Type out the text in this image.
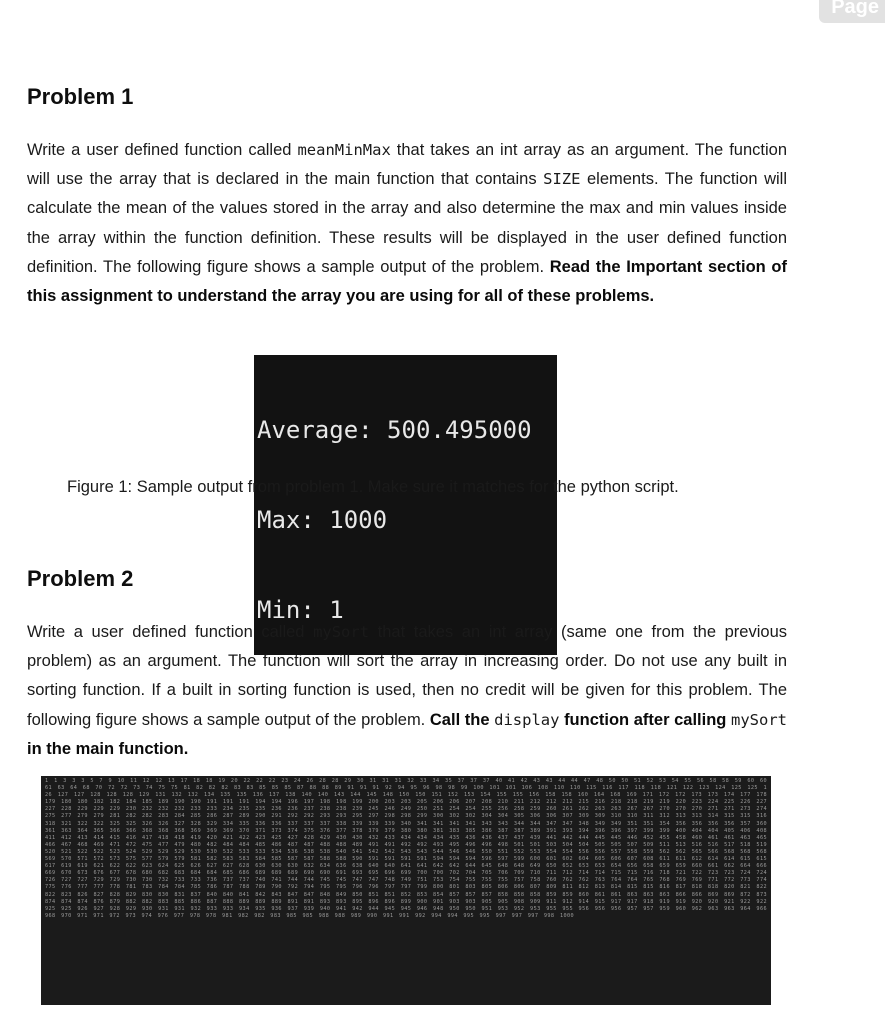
Page
Problem 1

Write a user defined function called meanMinMax that takes an int array as an argument. The function will use the array that is declared in the main function that contains SIZE elements. The function will calculate the mean of the values stored in the array and also determine the max and min values inside the array within the function definition. These results will be displayed in the user defined function definition. The following figure shows a sample output of the problem. Read the Important section of this assignment to understand the array you are using for all of these problems.

Average: 500.495000

Max: 1000

Min: 1

Figure 1: Sample output from problem 1. Make sure it matches for the python script.

Problem 2

Write a user defined function called mySort that takes an int array (same one from the previous problem) as an argument. The function will sort the array in increasing order. Do not use any built in sorting function. If a built in sorting function is used, then no credit will be given for this problem. The following figure shows a sample output of the problem. Call the display function after calling mySort in the main function.

1 1 3 3 3 5 7 9 10 11 12 12 13 17 18 18 19 20 22 22 22 23 24 26 28 28 29 30 31 31 31 32 33 34 35 37 37 37 40 41 42 43 43 44 44 47 48 50 50 51 52 53 54 55 56 58 58 59 60 60 61 63 64 68 70 72 72 73 74 75 75 81 82 82 82 83 83 85 85 85 87 88 88 89 91 91 91 92 94 95 96 98 98 99 100 101 101 106 108 110 110 115 116 117 118 118 121 122 123 124 125 125 126 127 127 128 128 128 129 131 132 132 134 135 135 136 137 138 140 140 143 144 145 148 150 150 151 152 153 154 155 155 156 158 158 160 164 168 169 171 172 172 173 173 174 177 178 179 180 180 182 182 184 185 189 190 190 191 191 191 194 194 196 197 198 198 199 200 203 203 205 206 206 207 208 210 211 212 212 212 215 216 218 218 219 219 220 223 224 225 226 227 227 228 229 229 229 230 232 232 232 233 233 234 235 235 236 236 237 238 238 239 245 246 249 250 251 254 254 255 256 258 259 260 261 262 263 263 267 267 270 270 270 271 271 273 274 275 277 279 279 281 282 282 283 284 285 286 287 289 290 291 292 292 293 293 295 297 298 298 299 300 302 302 304 304 305 306 306 307 309 309 310 310 311 312 313 313 314 315 315 316 318 321 322 322 325 325 326 326 327 328 329 334 335 336 336 337 337 337 338 339 339 339 340 341 341 341 341 343 343 344 344 347 347 348 349 349 351 351 354 356 356 356 356 357 360 361 363 364 365 366 366 368 368 368 369 369 369 370 371 373 374 375 376 377 378 379 379 380 380 381 383 385 386 387 387 389 391 393 394 396 396 397 399 399 400 404 404 405 406 408 411 412 413 414 415 416 417 418 418 419 420 421 422 423 425 427 428 429 430 430 432 433 434 434 434 435 436 436 437 437 439 441 442 444 445 445 446 452 455 458 460 461 461 463 465 466 467 468 469 471 472 475 477 479 480 482 484 484 485 486 487 487 488 488 489 491 491 492 492 493 495 496 496 498 501 501 503 504 504 505 505 507 509 511 513 516 516 517 518 519 520 521 522 522 523 524 529 529 529 530 530 532 533 533 534 536 538 538 540 541 542 542 543 543 544 546 546 550 551 552 553 554 554 556 556 557 558 559 562 562 565 566 568 568 568 569 570 571 572 573 575 577 579 579 581 582 583 583 584 585 587 587 588 588 590 591 591 591 591 594 594 594 596 597 599 600 601 602 604 605 606 607 608 611 611 612 614 614 615 615 617 619 619 621 622 622 623 624 625 626 627 627 628 630 630 630 632 634 636 638 640 640 641 641 642 642 644 645 648 648 649 650 652 653 653 654 656 658 659 659 660 661 662 664 666 669 670 673 676 677 678 680 682 683 684 684 685 686 689 689 689 690 690 691 693 695 696 699 700 700 702 704 705 706 709 710 711 712 714 714 715 715 716 718 721 722 723 723 724 724 726 727 727 729 729 730 730 732 733 733 736 737 737 740 741 744 744 745 745 747 747 748 749 751 753 754 755 755 755 757 758 760 762 762 763 764 764 765 768 769 769 771 772 773 774 775 776 777 777 778 781 783 784 784 785 786 787 788 789 790 792 794 795 795 796 796 797 797 799 800 801 803 805 806 806 807 809 811 812 813 814 815 815 816 817 818 818 820 821 822 822 823 826 827 828 829 830 830 831 837 840 840 841 842 843 847 847 848 849 850 851 851 852 853 854 857 857 857 858 858 858 859 859 860 861 861 863 863 863 866 866 869 869 872 873 874 874 874 876 879 882 882 883 885 886 887 888 889 889 889 891 891 893 893 895 896 896 899 900 901 903 903 905 905 908 909 911 912 914 915 917 917 918 919 919 920 920 921 922 922 925 925 926 927 928 929 930 931 931 932 933 933 934 935 936 937 939 940 941 942 944 945 945 946 948 950 950 951 953 952 953 955 955 956 956 956 957 957 959 960 962 963 963 964 966 968 970 971 971 972 973 974 976 977 978 978 981 982 982 983 985 985 988 988 989 990 991 991 992 994 994 995 995 997 997 997 998 1000
